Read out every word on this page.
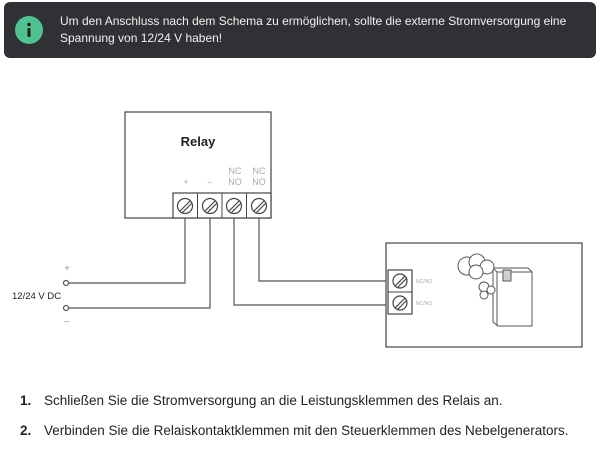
Um den Anschluss nach dem Schema zu ermöglichen, sollte die externe Stromversorgung eine Spannung von 12/24 V haben!
Relay
+ –
NC
NO
NC
NO
+
12/24 V DC
–
NC/NO
NC/NO
1. Schließen Sie die Stromversorgung an die Leistungsklemmen des Relais an.
2. Verbinden Sie die Relaiskontaktklemmen mit den Steuerklemmen des Nebelgenerators.
